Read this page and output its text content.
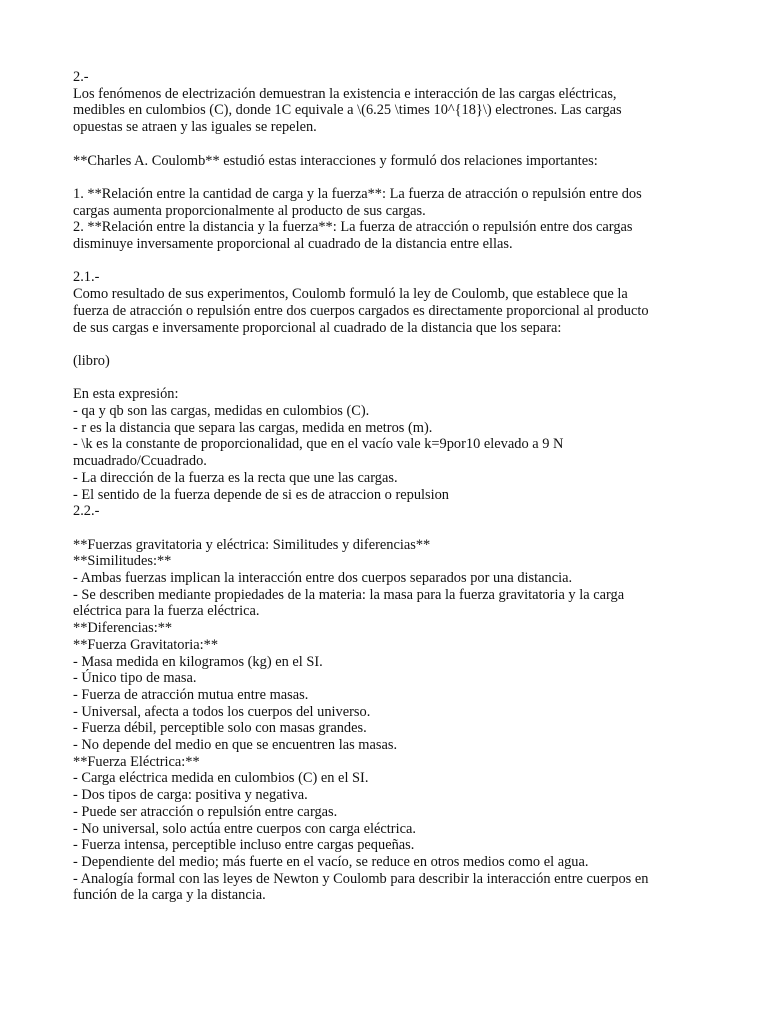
2.-
Los fenómenos de electrización demuestran la existencia e interacción de las cargas eléctricas,
medibles en culombios (C), donde 1C equivale a \(6.25 \times 10^{18}\) electrones. Las cargas
opuestas se atraen y las iguales se repelen.
**Charles A. Coulomb** estudió estas interacciones y formuló dos relaciones importantes:
1. **Relación entre la cantidad de carga y la fuerza**: La fuerza de atracción o repulsión entre dos
cargas aumenta proporcionalmente al producto de sus cargas.
2. **Relación entre la distancia y la fuerza**: La fuerza de atracción o repulsión entre dos cargas
disminuye inversamente proporcional al cuadrado de la distancia entre ellas.
2.1.-
Como resultado de sus experimentos, Coulomb formuló la ley de Coulomb, que establece que la
fuerza de atracción o repulsión entre dos cuerpos cargados es directamente proporcional al producto
de sus cargas e inversamente proporcional al cuadrado de la distancia que los separa:
(libro)
En esta expresión:
- qa y qb son las cargas, medidas en culombios (C).
- r es la distancia que separa las cargas, medida en metros (m).
- \k es la constante de proporcionalidad, que en el vacío vale k=9por10 elevado a 9 N
mcuadrado/Ccuadrado.
- La dirección de la fuerza es la recta que une las cargas.
- El sentido de la fuerza depende de si es de atraccion o repulsion
2.2.-
**Fuerzas gravitatoria y eléctrica: Similitudes y diferencias**
**Similitudes:**
- Ambas fuerzas implican la interacción entre dos cuerpos separados por una distancia.
- Se describen mediante propiedades de la materia: la masa para la fuerza gravitatoria y la carga
eléctrica para la fuerza eléctrica.
**Diferencias:**
**Fuerza Gravitatoria:**
- Masa medida en kilogramos (kg) en el SI.
- Único tipo de masa.
- Fuerza de atracción mutua entre masas.
- Universal, afecta a todos los cuerpos del universo.
- Fuerza débil, perceptible solo con masas grandes.
- No depende del medio en que se encuentren las masas.
**Fuerza Eléctrica:**
- Carga eléctrica medida en culombios (C) en el SI.
- Dos tipos de carga: positiva y negativa.
- Puede ser atracción o repulsión entre cargas.
- No universal, solo actúa entre cuerpos con carga eléctrica.
- Fuerza intensa, perceptible incluso entre cargas pequeñas.
- Dependiente del medio; más fuerte en el vacío, se reduce en otros medios como el agua.
- Analogía formal con las leyes de Newton y Coulomb para describir la interacción entre cuerpos en
función de la carga y la distancia.
